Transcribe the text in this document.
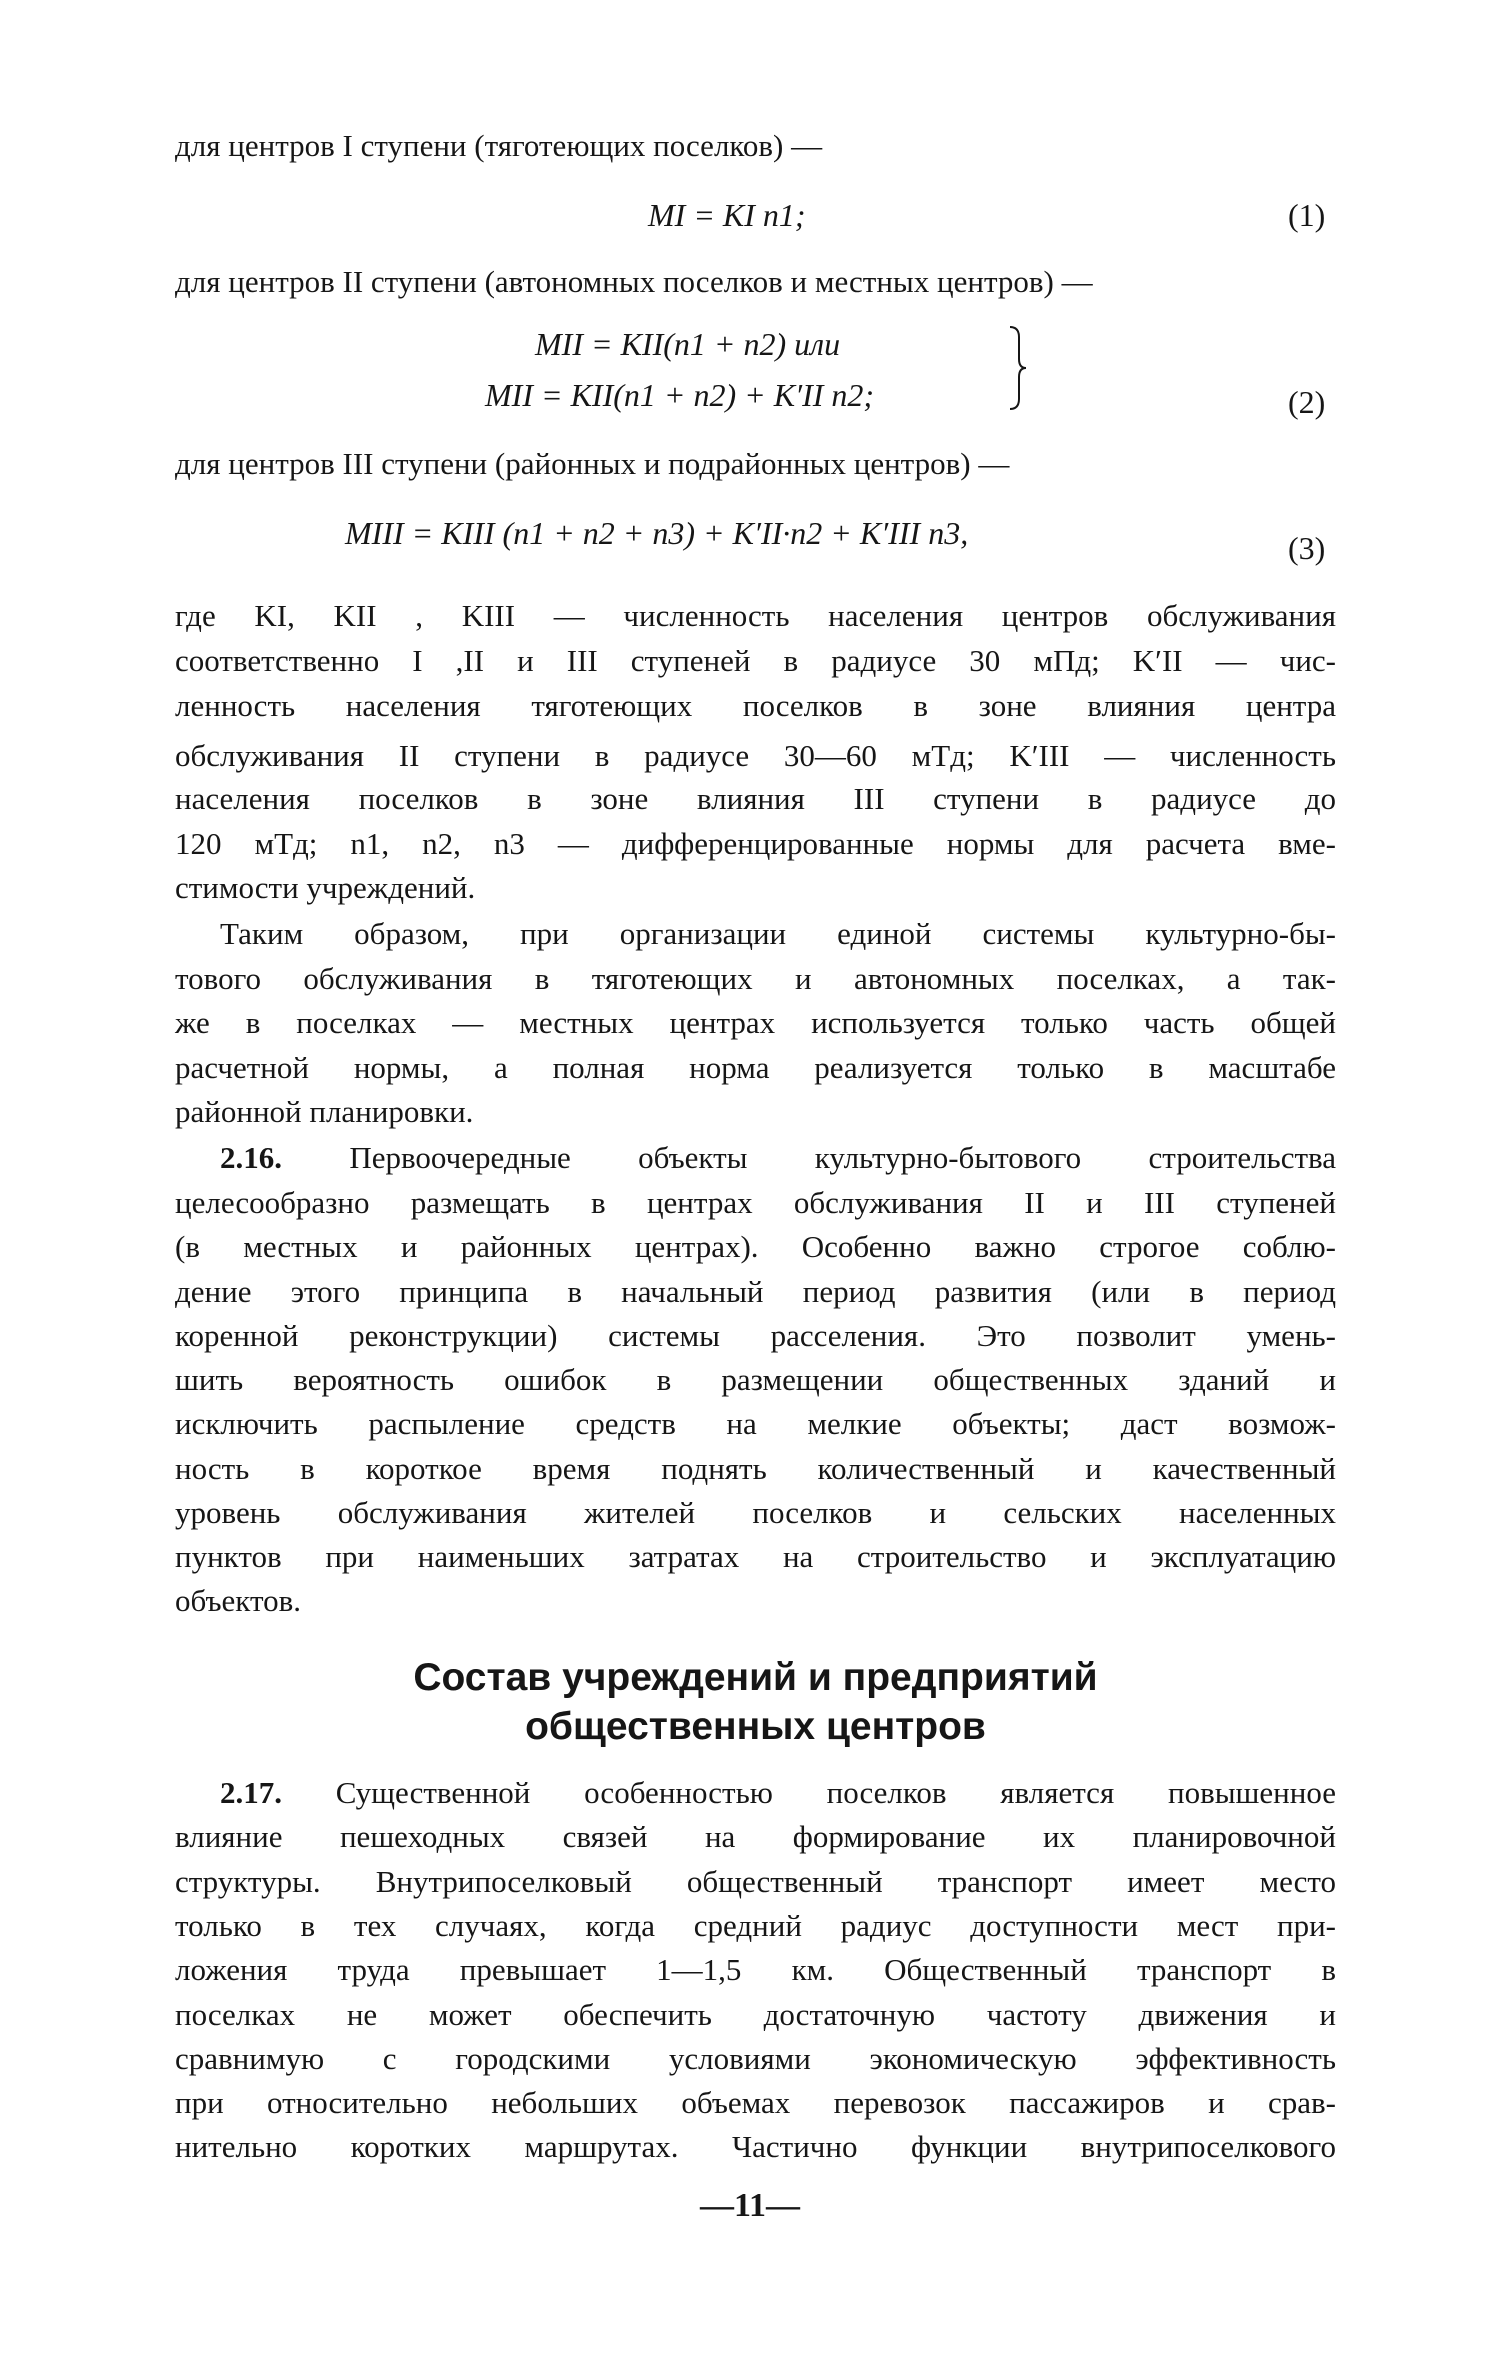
для центров I ступени (тяготеющих поселков) —
MI = KI n1;	(1)
для центров II ступени (автономных поселков и местных центров) —
MII = KII(n1 + n2) или
MII = KII(n1 + n2) + K′II n2;	(2)
для центров III ступени (районных и подрайонных центров) —
MIII = KIII (n1 + n2 + n3) + K′II·n2 + K′III n3,	(3)
где KI, KII , KIII — численность населения центров обслуживания
соответственно I ,II и III ступеней в радиусе 30 мПд; K′II — чис-
ленность населения тяготеющих поселков в зоне влияния центра
обслуживания II ступени в радиусе 30—60 мТд; K′III — численность
населения поселков в зоне влияния III ступени в радиусе до
120 мТд; n1, n2, n3 — дифференцированные нормы для расчета вме-
стимости учреждений.
Таким образом, при организации единой системы культурно-бы-
тового обслуживания в тяготеющих и автономных поселках, а так-
же в поселках — местных центрах используется только часть общей
расчетной нормы, а полная норма реализуется только в масштабе
районной планировки.
2.16. Первоочередные объекты культурно-бытового строительства
целесообразно размещать в центрах обслуживания II и III ступеней
(в местных и районных центрах). Особенно важно строгое соблю-
дение этого принципа в начальный период развития (или в период
коренной реконструкции) системы расселения. Это позволит умень-
шить вероятность ошибок в размещении общественных зданий и
исключить распыление средств на мелкие объекты; даст возмож-
ность в короткое время поднять количественный и качественный
уровень обслуживания жителей поселков и сельских населенных
пунктов при наименьших затратах на строительство и эксплуатацию
объектов.
Состав учреждений и предприятий
общественных центров
2.17. Существенной особенностью поселков является повышенное
влияние пешеходных связей на формирование их планировочной
структуры. Внутрипоселковый общественный транспорт имеет место
только в тех случаях, когда средний радиус доступности мест при-
ложения труда превышает 1—1,5 км. Общественный транспорт в
поселках не может обеспечить достаточную частоту движения и
сравнимую с городскими условиями экономическую эффективность
при относительно небольших объемах перевозок пассажиров и срав-
нительно коротких маршрутах. Частично функции внутрипоселкового
—11—
